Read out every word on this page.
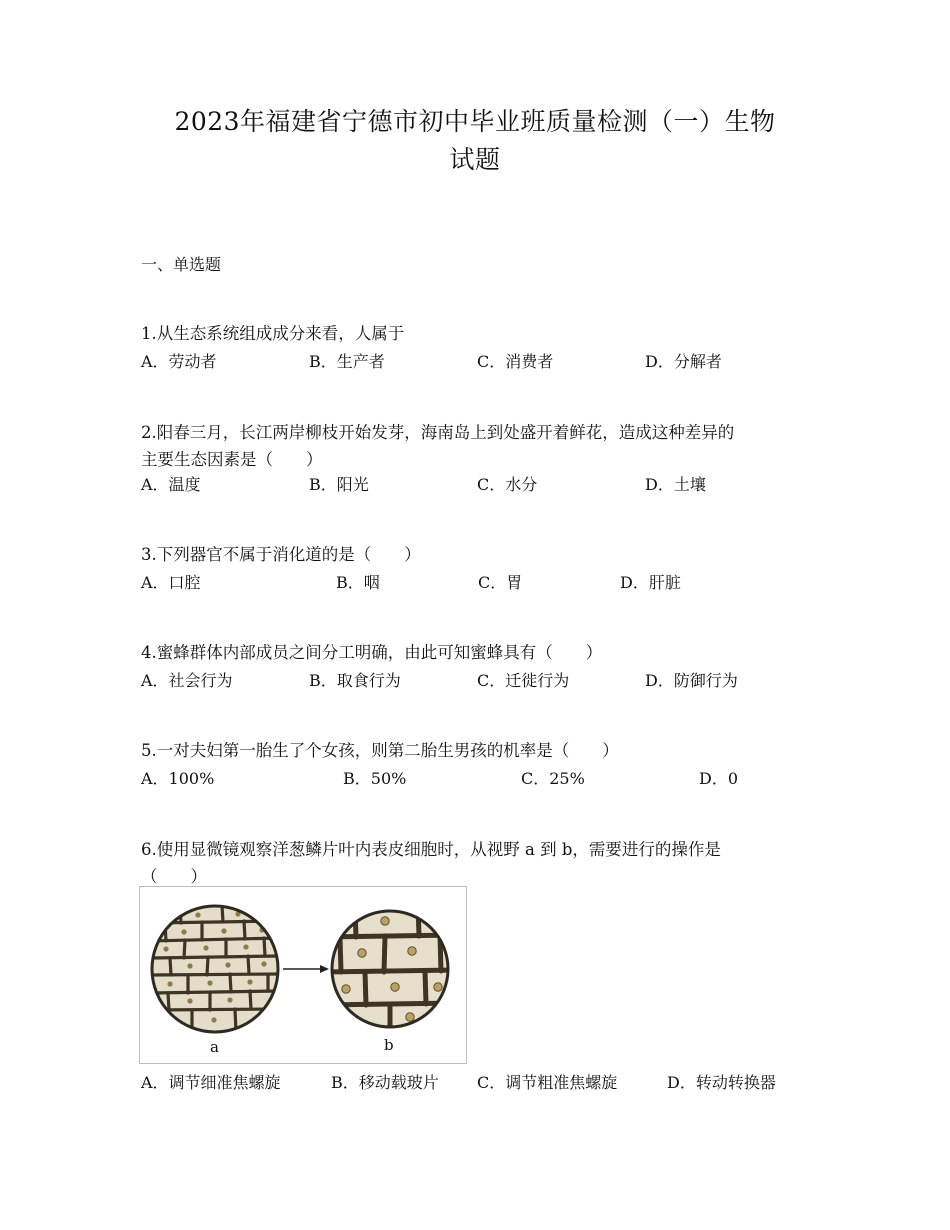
2023年福建省宁德市初中毕业班质量检测（一）生物
试题
一、单选题
1.从生态系统组成成分来看，人属于
A．劳动者	B．生产者	C．消费者	D．分解者
2.阳春三月，长江两岸柳枝开始发芽，海南岛上到处盛开着鲜花，造成这种差异的
主要生态因素是（　　）
A．温度	B．阳光	C．水分	D．土壤
3.下列器官不属于消化道的是（　　）
A．口腔	B．咽	C．胃	D．肝脏
4.蜜蜂群体内部成员之间分工明确，由此可知蜜蜂具有（　　）
A．社会行为	B．取食行为	C．迁徙行为	D．防御行为
5.一对夫妇第一胎生了个女孩，则第二胎生男孩的机率是（　　）
A．100%	B．50%	C．25%	D．0
6.使用显微镜观察洋葱鳞片叶内表皮细胞时，从视野 a 到 b，需要进行的操作是
（　　）
a	b
A．调节细准焦螺旋	B．移动载玻片 C．调节粗准焦螺旋	D．转动转换器
